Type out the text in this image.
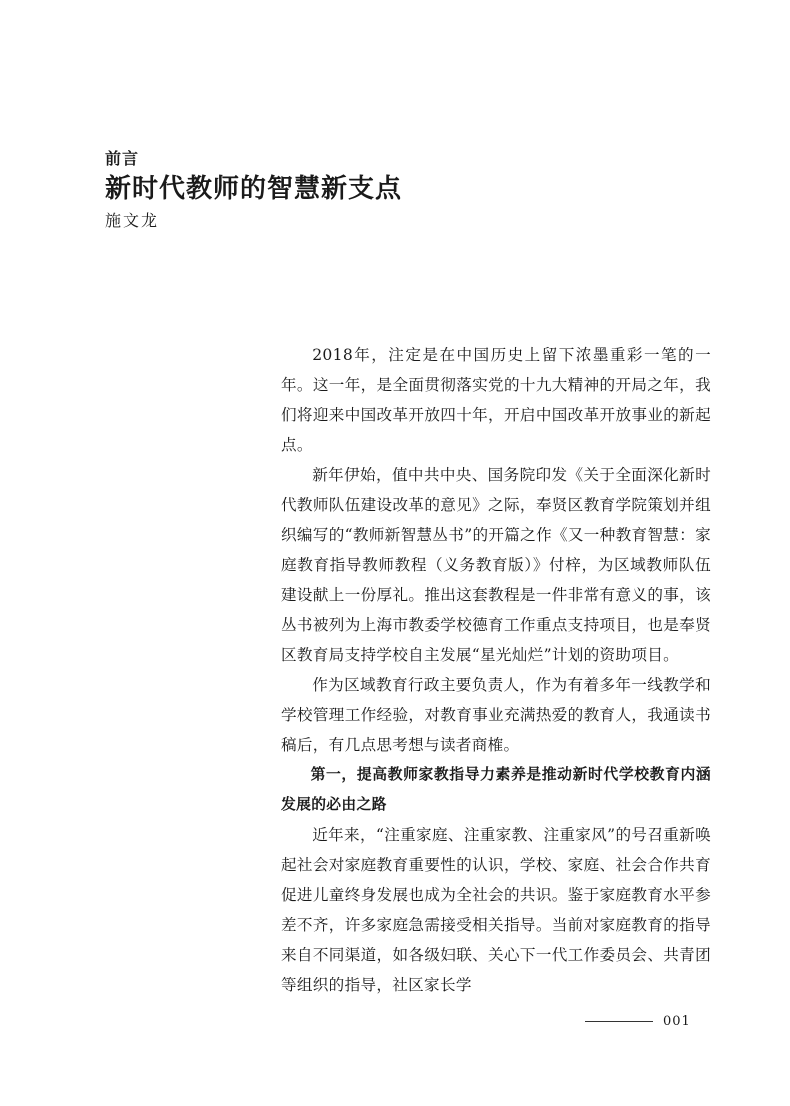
前言
新时代教师的智慧新支点
施文龙

2018年，注定是在中国历史上留下浓墨重彩一笔的一年。这一年，是全面贯彻落实党的十九大精神的开局之年，我们将迎来中国改革开放四十年，开启中国改革开放事业的新起点。

新年伊始，值中共中央、国务院印发《关于全面深化新时代教师队伍建设改革的意见》之际，奉贤区教育学院策划并组织编写的“教师新智慧丛书”的开篇之作《又一种教育智慧：家庭教育指导教师教程（义务教育版）》付梓，为区域教师队伍建设献上一份厚礼。推出这套教程是一件非常有意义的事，该丛书被列为上海市教委学校德育工作重点支持项目，也是奉贤区教育局支持学校自主发展“星光灿烂”计划的资助项目。

作为区域教育行政主要负责人，作为有着多年一线教学和学校管理工作经验，对教育事业充满热爱的教育人，我通读书稿后，有几点思考想与读者商榷。

第一，提高教师家教指导力素养是推动新时代学校教育内涵发展的必由之路

近年来，“注重家庭、注重家教、注重家风”的号召重新唤起社会对家庭教育重要性的认识，学校、家庭、社会合作共育促进儿童终身发展也成为全社会的共识。鉴于家庭教育水平参差不齐，许多家庭急需接受相关指导。当前对家庭教育的指导来自不同渠道，如各级妇联、关心下一代工作委员会、共青团等组织的指导，社区家长学

001
